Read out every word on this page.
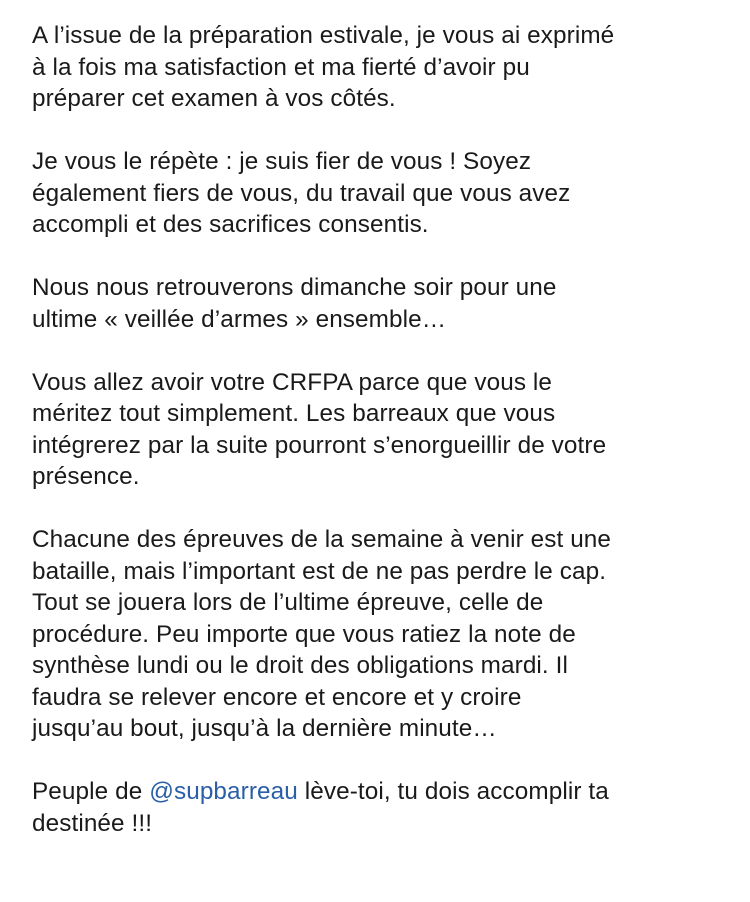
A l’issue de la préparation estivale, je vous ai exprimé
à la fois ma satisfaction et ma fierté d’avoir pu
préparer cet examen à vos côtés.

Je vous le répète : je suis fier de vous ! Soyez
également fiers de vous, du travail que vous avez
accompli et des sacrifices consentis.

Nous nous retrouverons dimanche soir pour une
ultime « veillée d’armes » ensemble…

Vous allez avoir votre CRFPA parce que vous le
méritez tout simplement. Les barreaux que vous
intégrerez par la suite pourront s’enorgueillir de votre
présence.

Chacune des épreuves de la semaine à venir est une
bataille, mais l’important est de ne pas perdre le cap.
Tout se jouera lors de l’ultime épreuve, celle de
procédure. Peu importe que vous ratiez la note de
synthèse lundi ou le droit des obligations mardi. Il
faudra se relever encore et encore et y croire
jusqu’au bout, jusqu’à la dernière minute…

Peuple de @supbarreau lève-toi, tu dois accomplir ta
destinée !!!
